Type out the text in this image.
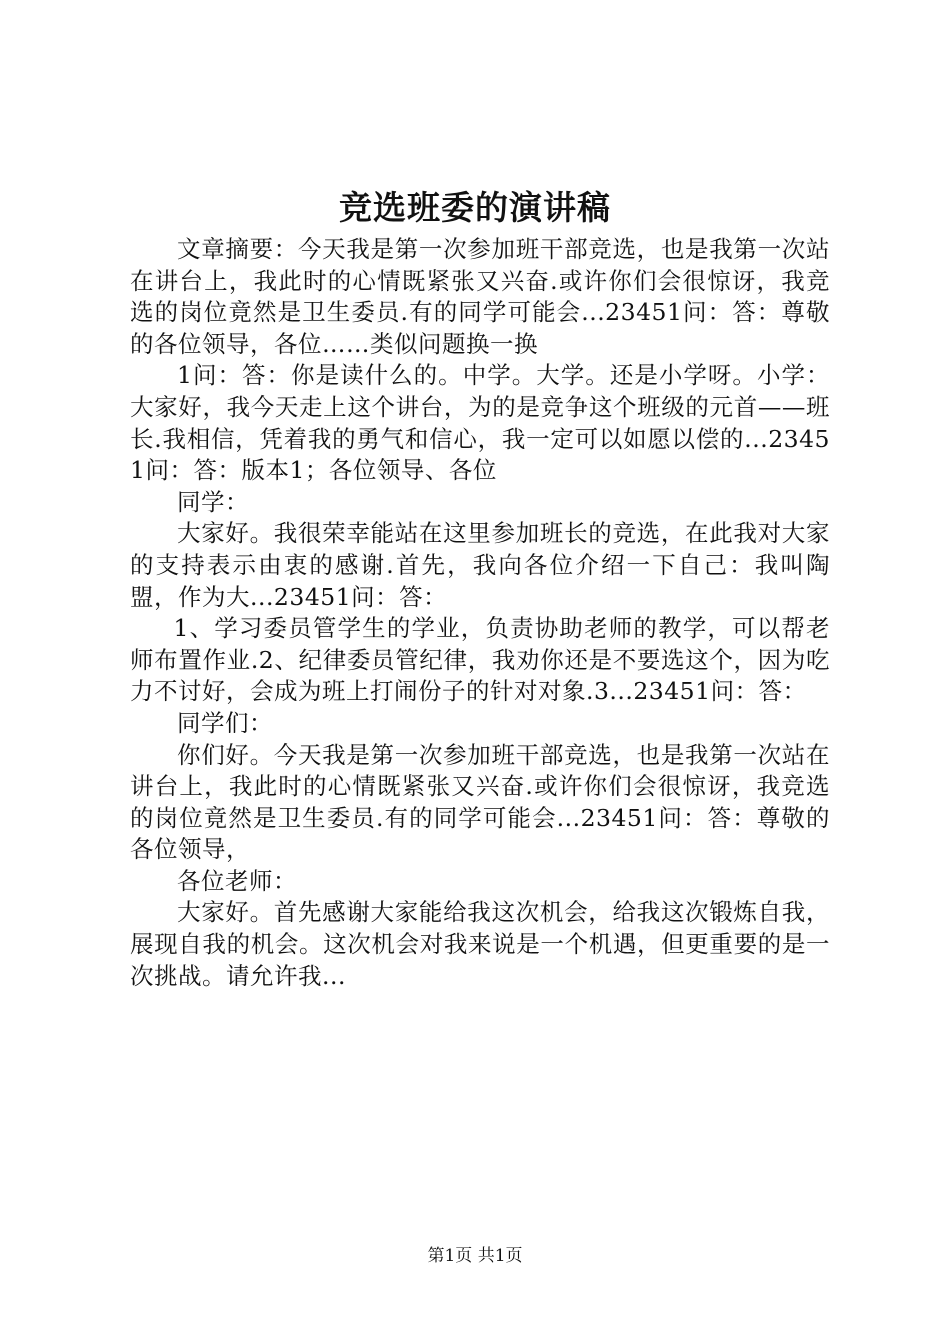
竞选班委的演讲稿

文章摘要：今天我是第一次参加班干部竞选，也是我第一次站在讲台上，我此时的心情既紧张又兴奋.或许你们会很惊讶，我竞选的岗位竟然是卫生委员.有的同学可能会...23451问：答：尊敬的各位领导，各位……类似问题换一换

1问：答：你是读什么的。中学。大学。还是小学呀。小学：大家好，我今天走上这个讲台，为的是竞争这个班级的元首——班长.我相信，凭着我的勇气和信心，我一定可以如愿以偿的...23451问：答：版本1；各位领导、各位

同学：

大家好。我很荣幸能站在这里参加班长的竞选，在此我对大家的支持表示由衷的感谢.首先，我向各位介绍一下自己：我叫陶盟，作为大...23451问：答：

1、学习委员管学生的学业，负责协助老师的教学，可以帮老师布置作业.2、纪律委员管纪律，我劝你还是不要选这个，因为吃力不讨好，会成为班上打闹份子的针对对象.3...23451问：答：

同学们：

你们好。今天我是第一次参加班干部竞选，也是我第一次站在讲台上，我此时的心情既紧张又兴奋.或许你们会很惊讶，我竞选的岗位竟然是卫生委员.有的同学可能会...23451问：答：尊敬的各位领导，

各位老师：

大家好。首先感谢大家能给我这次机会，给我这次锻炼自我，展现自我的机会。这次机会对我来说是一个机遇，但更重要的是一次挑战。请允许我...

第1页 共1页
